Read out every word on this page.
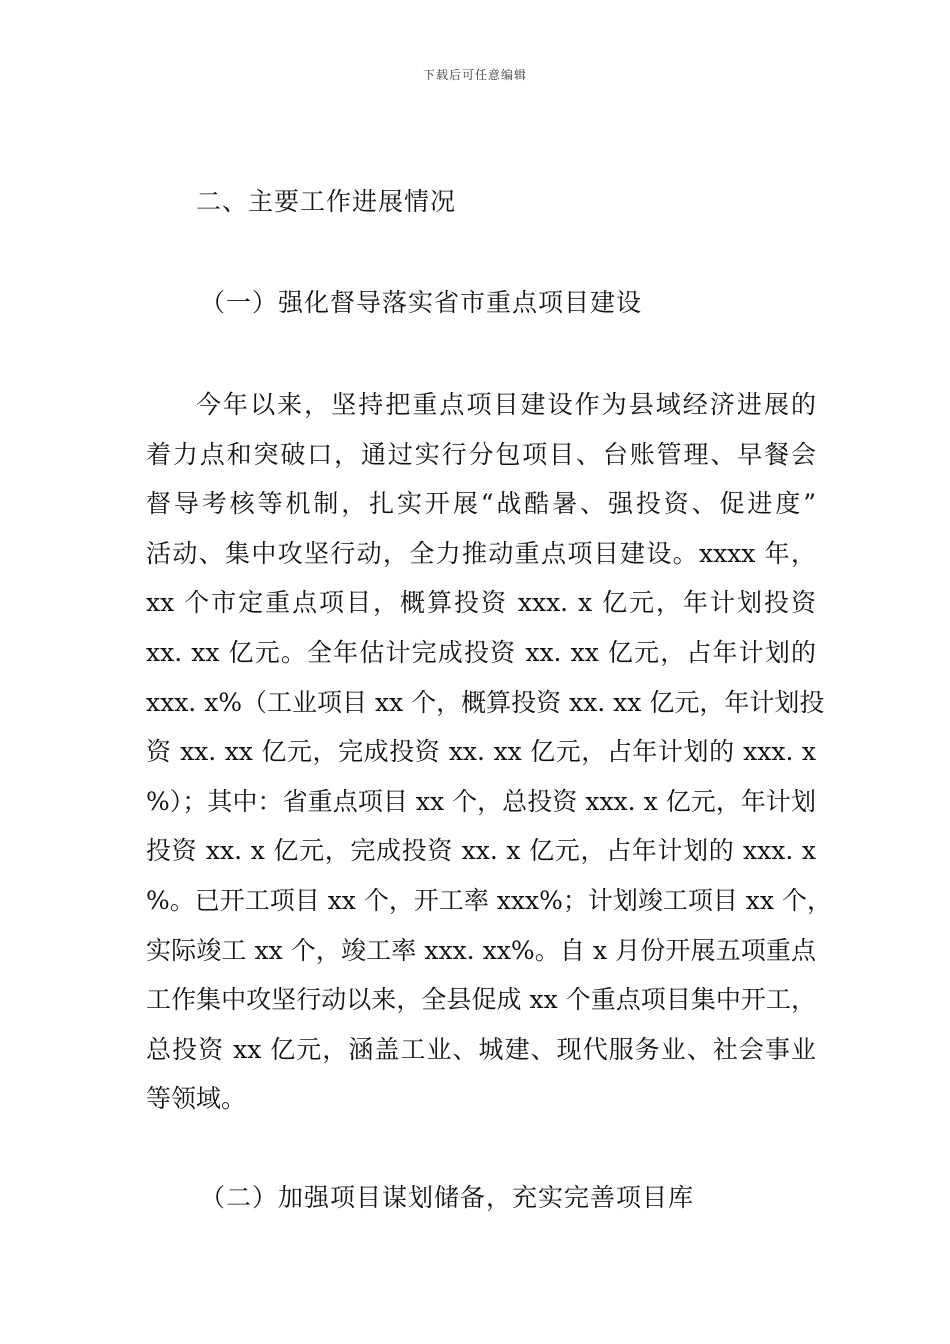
下载后可任意编辑
二、主要工作进展情况
（一）强化督导落实省市重点项目建设

今年以来，坚持把重点项目建设作为县域经济进展的
着力点和突破口，通过实行分包项目、台账管理、早餐会
督导考核等机制，扎实开展“战酷暑、强投资、促进度”
活动、集中攻坚行动，全力推动重点项目建设。xxxx 年，
xx 个市定重点项目，概算投资 xxx. x 亿元，年计划投资
xx. xx 亿元。全年估计完成投资 xx. xx 亿元，占年计划的
xxx. x%（工业项目 xx 个，概算投资 xx. xx 亿元，年计划投
资 xx. xx 亿元，完成投资 xx. xx 亿元，占年计划的 xxx. x
%）；其中：省重点项目 xx 个，总投资 xxx. x 亿元，年计划
投资 xx. x 亿元，完成投资 xx. x 亿元，占年计划的 xxx. x
%。已开工项目 xx 个，开工率 xxx%；计划竣工项目 xx 个，
实际竣工 xx 个，竣工率 xxx. xx%。自 x 月份开展五项重点
工作集中攻坚行动以来，全县促成 xx 个重点项目集中开工，
总投资 xx 亿元，涵盖工业、城建、现代服务业、社会事业
等领域。

（二）加强项目谋划储备，充实完善项目库
